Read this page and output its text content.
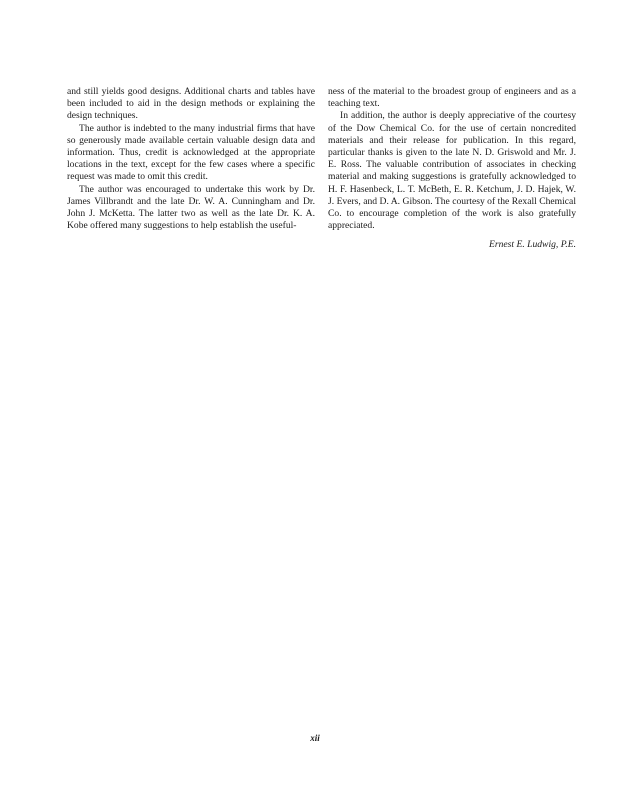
and still yields good designs. Additional charts and tables have been included to aid in the design methods or explaining the design techniques.

The author is indebted to the many industrial firms that have so generously made available certain valuable design data and information. Thus, credit is acknowledged at the appropriate locations in the text, except for the few cases where a specific request was made to omit this credit.

The author was encouraged to undertake this work by Dr. James Villbrandt and the late Dr. W. A. Cunningham and Dr. John J. McKetta. The latter two as well as the late Dr. K. A. Kobe offered many suggestions to help establish the useful-

ness of the material to the broadest group of engineers and as a teaching text.

In addition, the author is deeply appreciative of the courtesy of the Dow Chemical Co. for the use of certain noncredited materials and their release for publication. In this regard, particular thanks is given to the late N. D. Griswold and Mr. J. E. Ross. The valuable contribution of associates in checking material and making suggestions is gratefully acknowledged to H. F. Hasenbeck, L. T. McBeth, E. R. Ketchum, J. D. Hajek, W. J. Evers, and D. A. Gibson. The courtesy of the Rexall Chemical Co. to encourage completion of the work is also gratefully appreciated.

Ernest E. Ludwig, P.E.
xii
